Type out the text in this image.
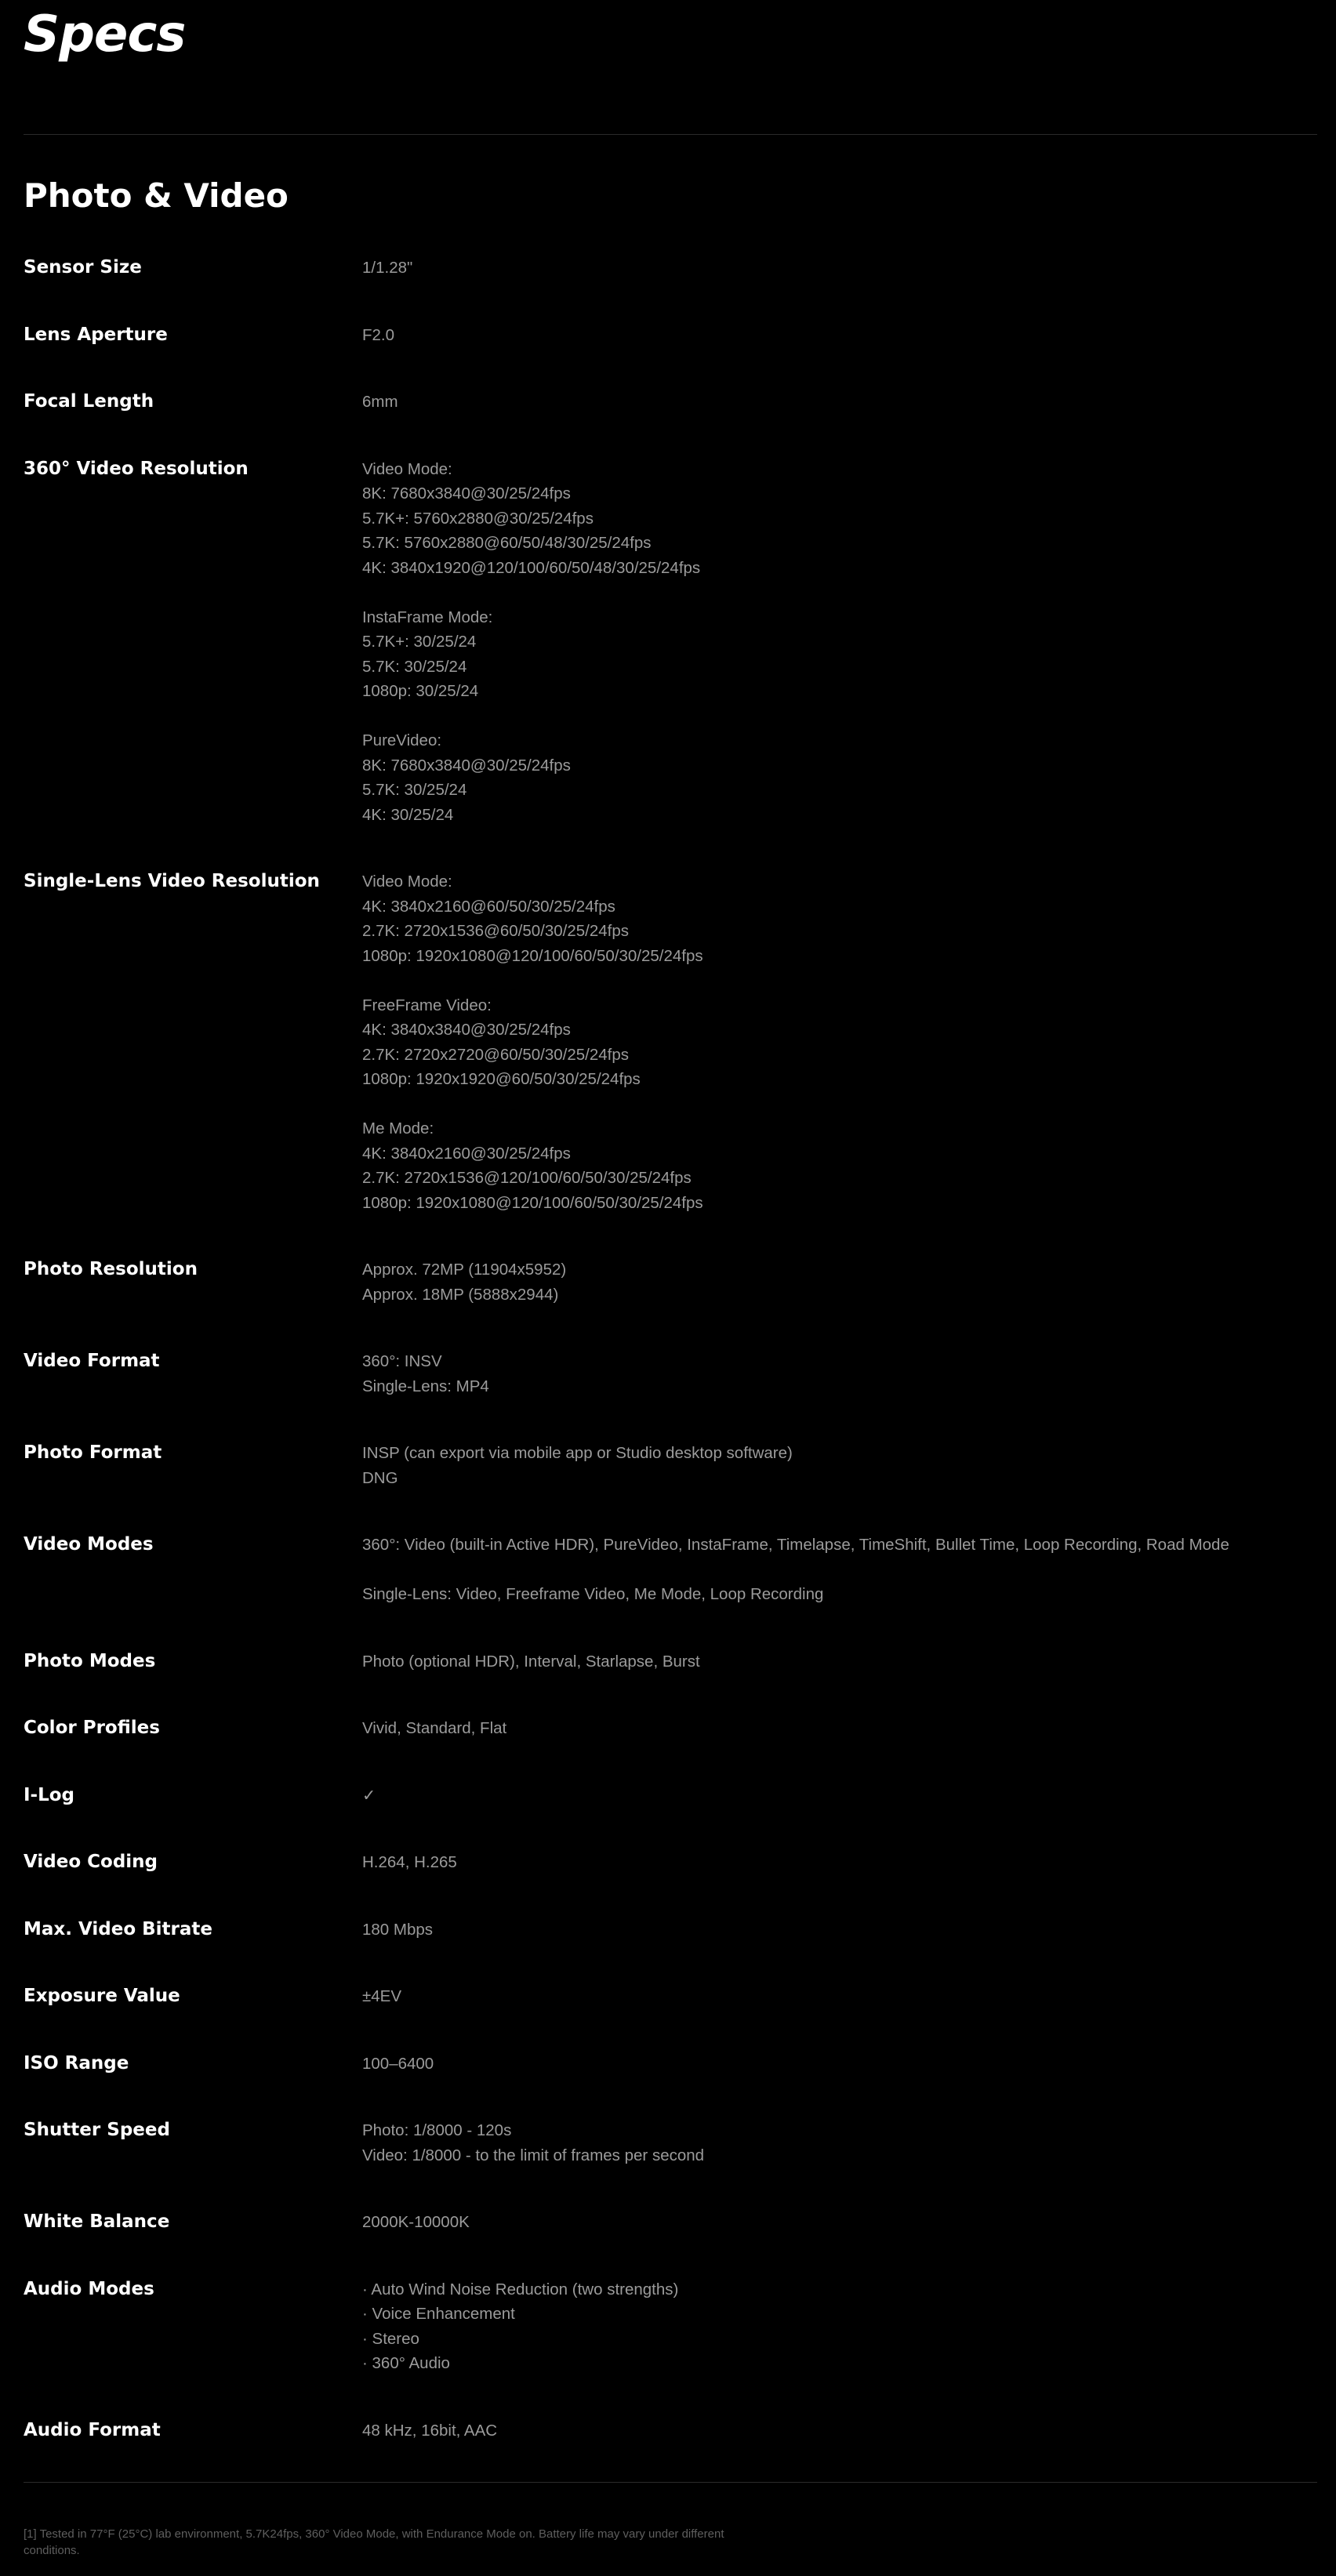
Specs
Photo & Video
Sensor Size	1/1.28"
Lens Aperture	F2.0
Focal Length	6mm
360° Video Resolution	Video Mode:
8K: 7680x3840@30/25/24fps
5.7K+: 5760x2880@30/25/24fps
5.7K: 5760x2880@60/50/48/30/25/24fps
4K: 3840x1920@120/100/60/50/48/30/25/24fps
InstaFrame Mode:
5.7K+: 30/25/24
5.7K: 30/25/24
1080p: 30/25/24
PureVideo:
8K: 7680x3840@30/25/24fps
5.7K: 30/25/24
4K: 30/25/24
Single-Lens Video Resolution	Video Mode:
4K: 3840x2160@60/50/30/25/24fps
2.7K: 2720x1536@60/50/30/25/24fps
1080p: 1920x1080@120/100/60/50/30/25/24fps
FreeFrame Video:
4K: 3840x3840@30/25/24fps
2.7K: 2720x2720@60/50/30/25/24fps
1080p: 1920x1920@60/50/30/25/24fps
Me Mode:
4K: 3840x2160@30/25/24fps
2.7K: 2720x1536@120/100/60/50/30/25/24fps
1080p: 1920x1080@120/100/60/50/30/25/24fps
Photo Resolution	Approx. 72MP (11904x5952)
Approx. 18MP (5888x2944)
Video Format	360°: INSV
Single-Lens: MP4
Photo Format	INSP (can export via mobile app or Studio desktop software)
DNG
Video Modes	360°: Video (built-in Active HDR), PureVideo, InstaFrame, Timelapse, TimeShift, Bullet Time, Loop Recording, Road Mode
Single-Lens: Video, Freeframe Video, Me Mode, Loop Recording
Photo Modes	Photo (optional HDR), Interval, Starlapse, Burst
Color Profiles	Vivid, Standard, Flat
I-Log	✓
Video Coding	H.264, H.265
Max. Video Bitrate	180 Mbps
Exposure Value	±4EV
ISO Range	100–6400
Shutter Speed	Photo: 1/8000 - 120s
Video: 1/8000 - to the limit of frames per second
White Balance	2000K-10000K
Audio Modes	· Auto Wind Noise Reduction (two strengths)
· Voice Enhancement
· Stereo
· 360° Audio
Audio Format	48 kHz, 16bit, AAC

[1] Tested in 77°F (25°C) lab environment, 5.7K24fps, 360° Video Mode, with Endurance Mode on. Battery life may vary under different conditions.
